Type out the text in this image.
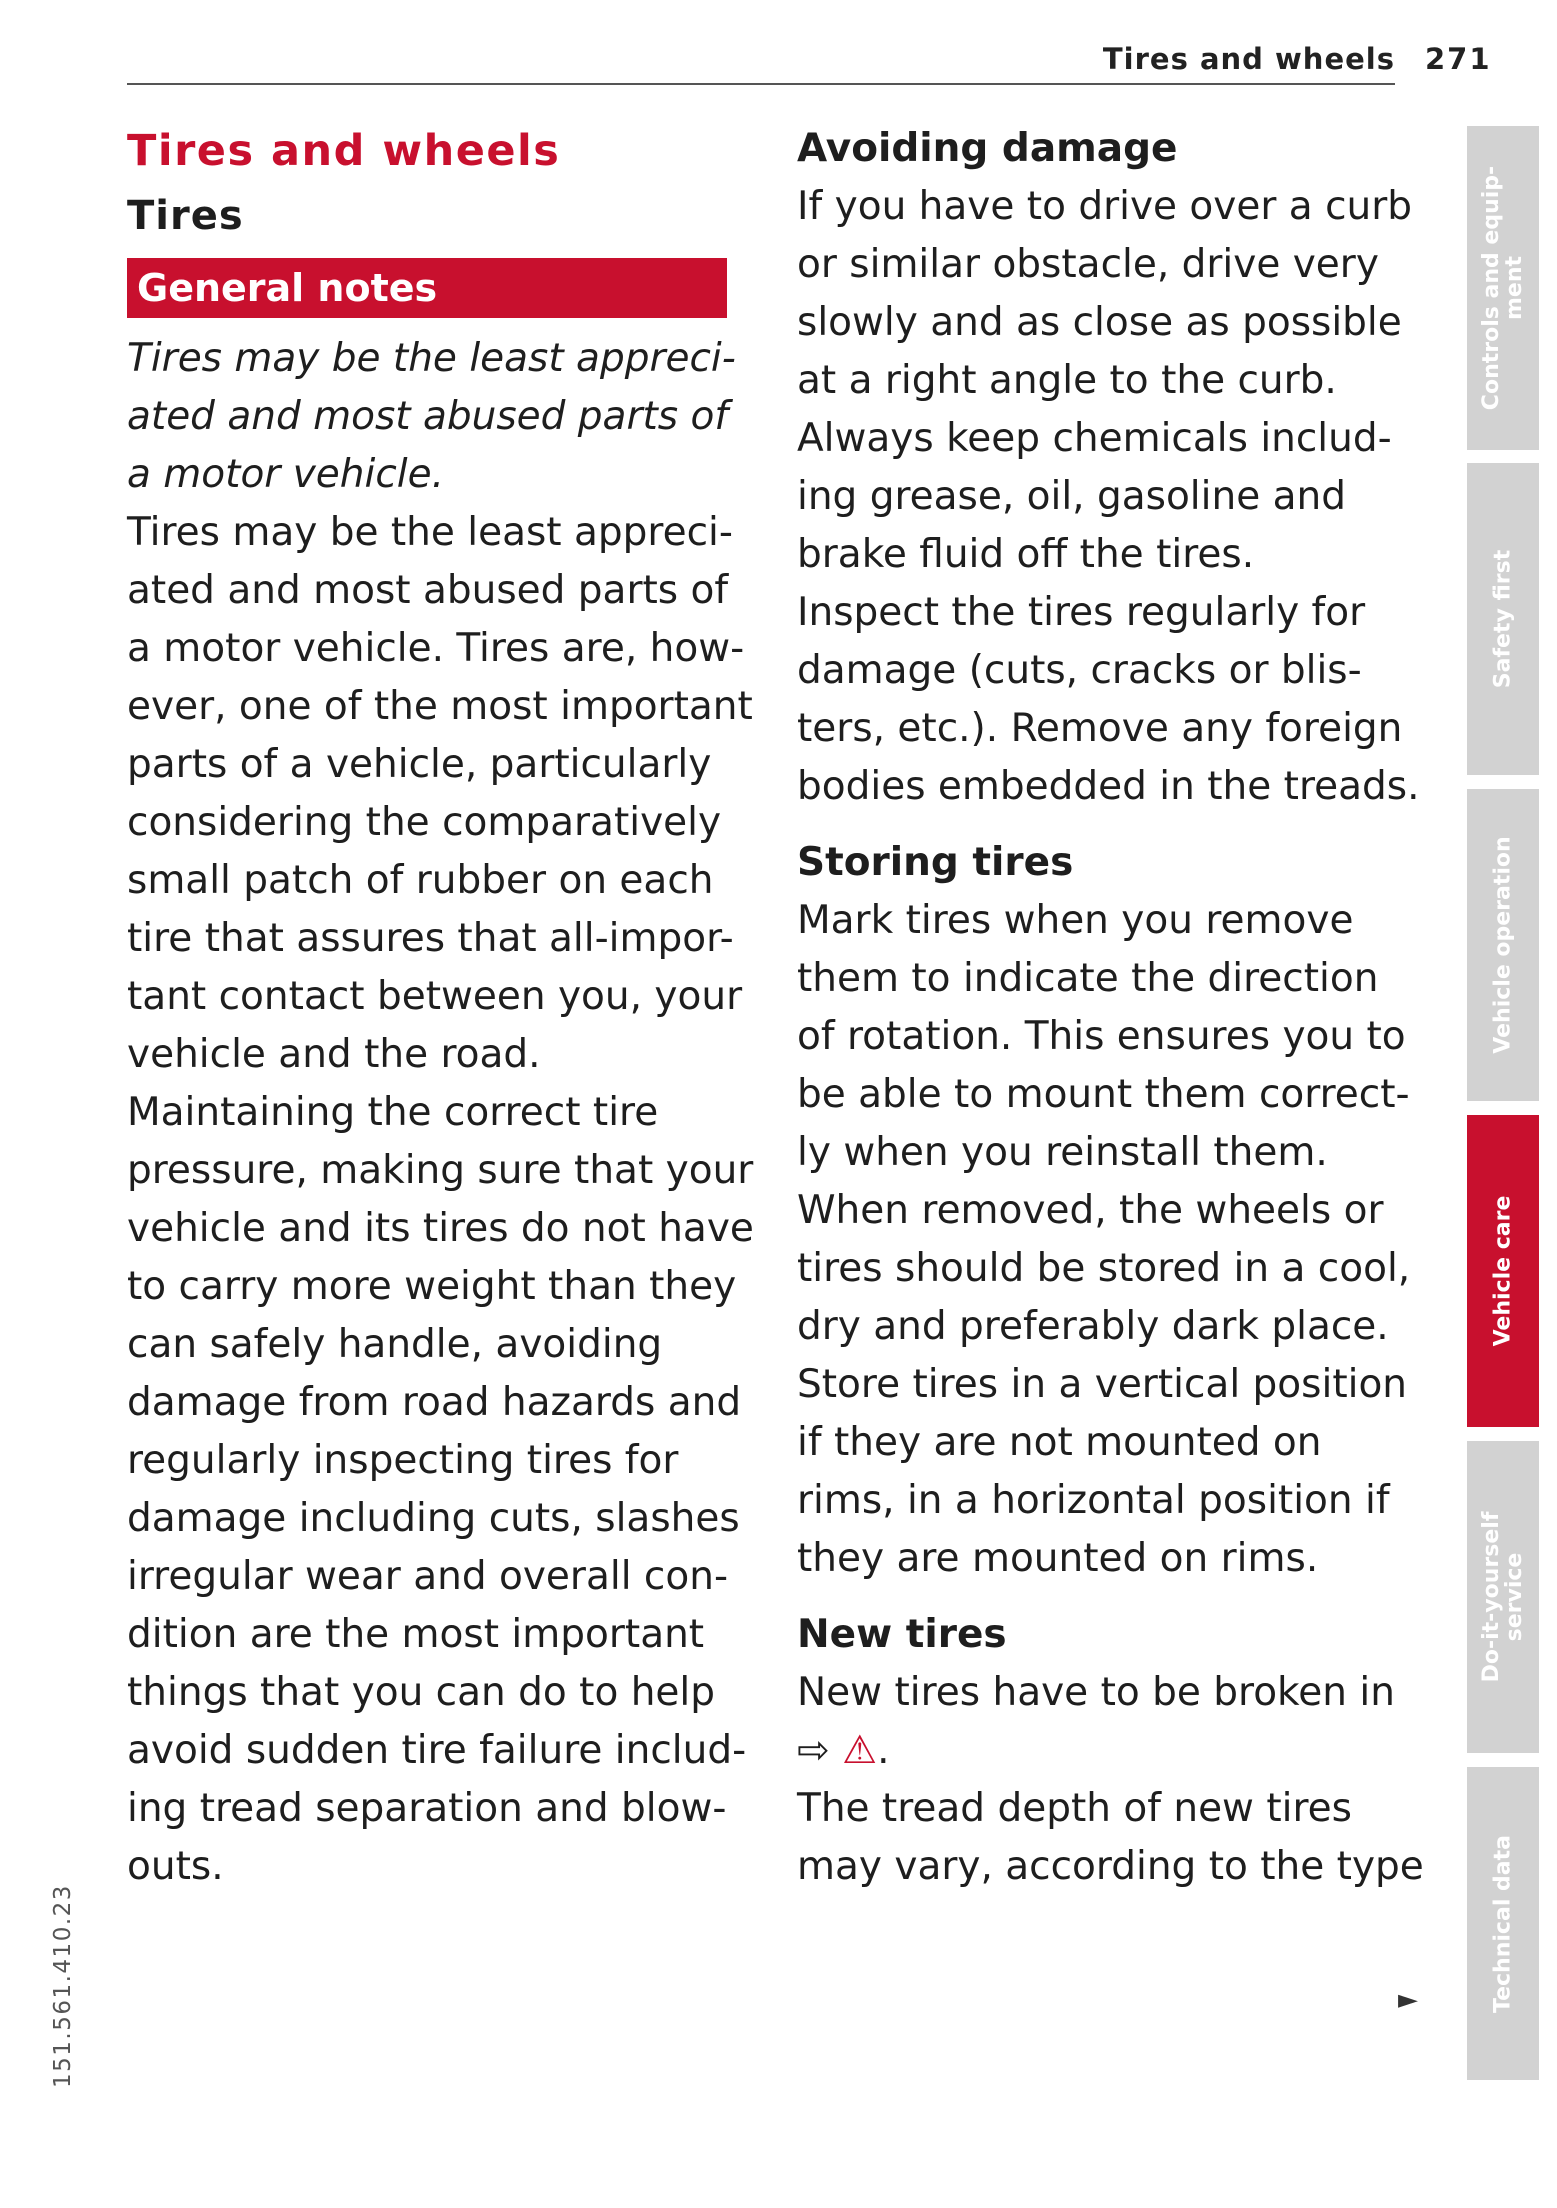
Tires and wheels 271
Tires and wheels
Tires
General notes
Tires may be the least appreci-
ated and most abused parts of
a motor vehicle.

Tires may be the least appreci-
ated and most abused parts of
a motor vehicle. Tires are, how-
ever, one of the most important
parts of a vehicle, particularly
considering the comparatively
small patch of rubber on each
tire that assures that all-impor-
tant contact between you, your
vehicle and the road.

Maintaining the correct tire
pressure, making sure that your
vehicle and its tires do not have
to carry more weight than they
can safely handle, avoiding
damage from road hazards and
regularly inspecting tires for
damage including cuts, slashes
irregular wear and overall con-
dition are the most important
things that you can do to help
avoid sudden tire failure includ-
ing tread separation and blow-
outs.

Avoiding damage

If you have to drive over a curb
or similar obstacle, drive very
slowly and as close as possible
at a right angle to the curb.

Always keep chemicals includ-
ing grease, oil, gasoline and
brake fluid off the tires.

Inspect the tires regularly for
damage (cuts, cracks or blis-
ters, etc.). Remove any foreign
bodies embedded in the treads.

Storing tires

Mark tires when you remove
them to indicate the direction
of rotation. This ensures you to
be able to mount them correct-
ly when you reinstall them.

When removed, the wheels or
tires should be stored in a cool,
dry and preferably dark place.

Store tires in a vertical position
if they are not mounted on
rims, in a horizontal position if
they are mounted on rims.

New tires

New tires have to be broken in
⇨ ⚠.

The tread depth of new tires
may vary, according to the type

►
151.561.410.23
Controls and equip-
ment
Safety first
Vehicle operation
Vehicle care
Do-it-yourself
service
Technical data
